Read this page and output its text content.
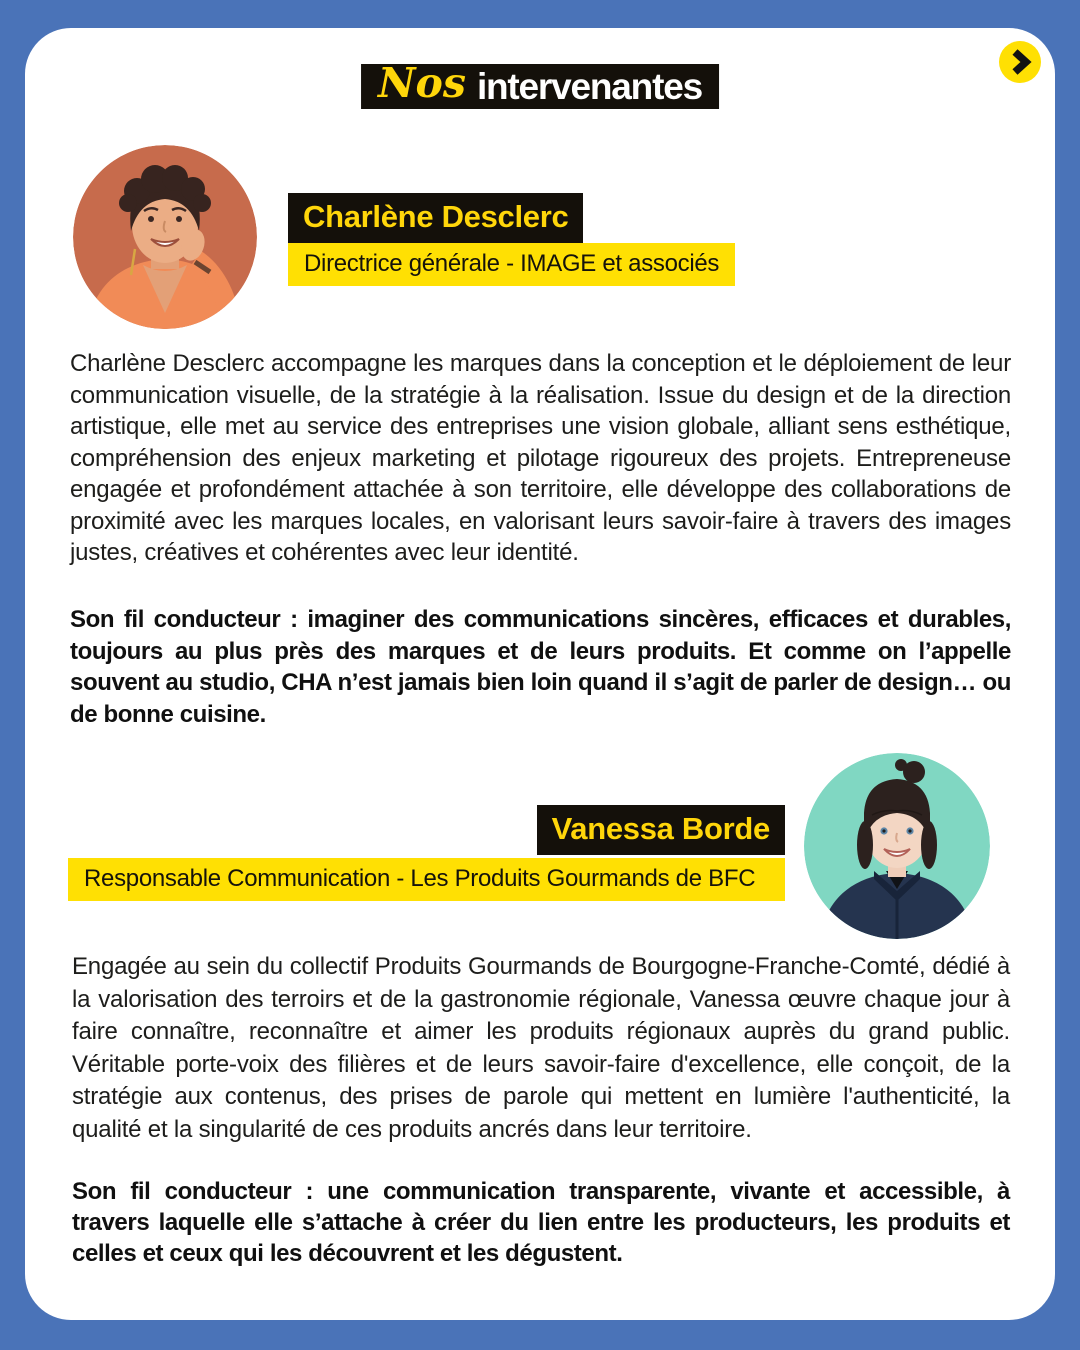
Nos intervenantes
Charlène Desclerc
Directrice générale - IMAGE et associés

Charlène Desclerc accompagne les marques dans la conception et le déploiement de leur communication visuelle, de la stratégie à la réalisation. Issue du design et de la direction artistique, elle met au service des entreprises une vision globale, alliant sens esthétique, compréhension des enjeux marketing et pilotage rigoureux des projets. Entrepreneuse engagée et profondément attachée à son territoire, elle développe des collaborations de proximité avec les marques locales, en valorisant leurs savoir-faire à travers des images justes, créatives et cohérentes avec leur identité.

Son fil conducteur : imaginer des communications sincères, efficaces et durables, toujours au plus près des marques et de leurs produits. Et comme on l’appelle souvent au studio, CHA n’est jamais bien loin quand il s’agit de parler de design… ou de bonne cuisine.

Vanessa Borde
Responsable Communication - Les Produits Gourmands de BFC

Engagée au sein du collectif Produits Gourmands de Bourgogne-Franche-Comté, dédié à la valorisation des terroirs et de la gastronomie régionale, Vanessa œuvre chaque jour à faire connaître, reconnaître et aimer les produits régionaux auprès du grand public. Véritable porte-voix des filières et de leurs savoir-faire d'excellence, elle conçoit, de la stratégie aux contenus, des prises de parole qui mettent en lumière l'authenticité, la qualité et la singularité de ces produits ancrés dans leur territoire.

Son fil conducteur : une communication transparente, vivante et accessible, à travers laquelle elle s’attache à créer du lien entre les producteurs, les produits et celles et ceux qui les découvrent et les dégustent.
